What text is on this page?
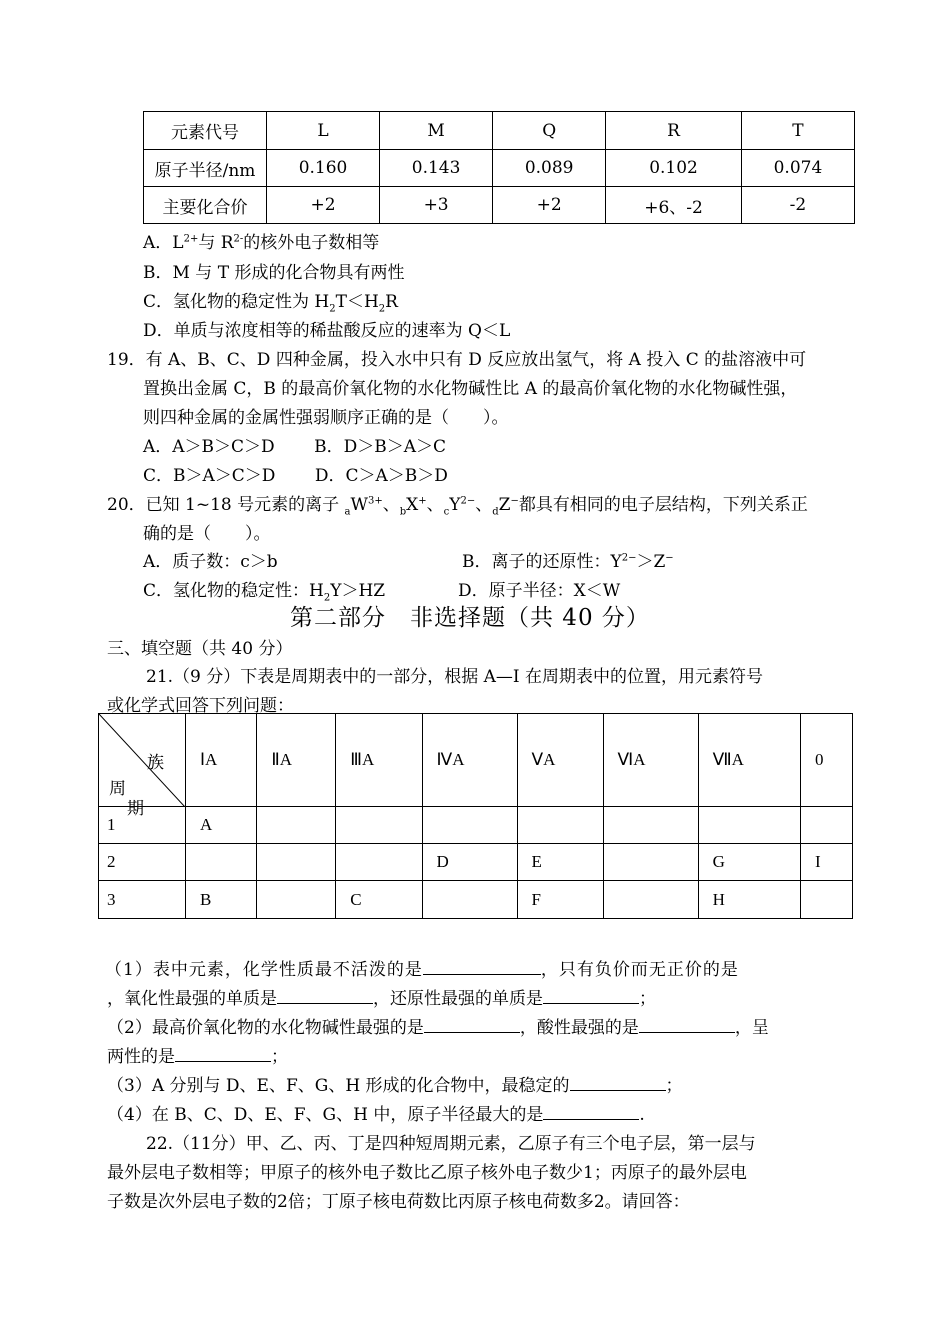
元素代号	L	M	Q	R	T
原子半径/nm	0.160	0.143	0.089	0.102	0.074
主要化合价	+2	+3	+2	+6、-2	-2
A．$L^{2+}$与 $R^{2-}$的核外电子数相等
B．M 与 T 形成的化合物具有两性
C．氢化物的稳定性为 $H_2T<H_2R$
D．单质与浓度相等的稀盐酸反应的速率为 Q＜L
19．有 A、B、C、D 四种金属，投入水中只有 D 反应放出氢气，将 A 投入 C 的盐溶液中可
置换出金属 C，B 的最高价氧化物的水化物碱性比 A 的最高价氧化物的水化物碱性强，
则四种金属的金属性强弱顺序正确的是（　　）。
A．A＞B＞C＞D　　 B．D＞B＞A＞C
C．B＞A＞C＞D　　 D．C＞A＞B＞D
20．已知 1~18 号元素的离子 $_aW^{3+}$、$_b$X+、$_cY^{2-}$、$_d$Z−都具有相同的电子层结构，下列关系正
确的是（　　）。
A．质子数：c＞b	B．离子的还原性：$Y^{2-}>Z^-$
C．氢化物的稳定性：$H_2Y>HZ$	D．原子半径：X＜W
第二部分　非选择题（共 40 分）
三、填空题（共 40 分）
21.（9 分）下表是周期表中的一部分，根据 A—I 在周期表中的位置，用元素符号
或化学式回答下列问题：
族
周
期	ⅠA	ⅡA	ⅢA	ⅣA	ⅤA	ⅥA	ⅦA	0
1	A							
2				D	E		G	I
3	B		C		F		H	
（1）表中元素，化学性质最不活泼的是	，只有负价而无正价的是
，氧化性最强的单质是	，还原性最强的单质是	；
（2）最高价氧化物的水化物碱性最强的是	，酸性最强的是	，呈
两性的是	；
（3）A 分别与 D、E、F、G、H 形成的化合物中，最稳定的	；
（4）在 B、C、D、E、F、G、H 中，原子半径最大的是	.
22.（11分）甲、乙、丙、丁是四种短周期元素，乙原子有三个电子层，第一层与
最外层电子数相等；甲原子的核外电子数比乙原子核外电子数少1；丙原子的最外层电
子数是次外层电子数的2倍；丁原子核电荷数比丙原子核电荷数多2。请回答：
